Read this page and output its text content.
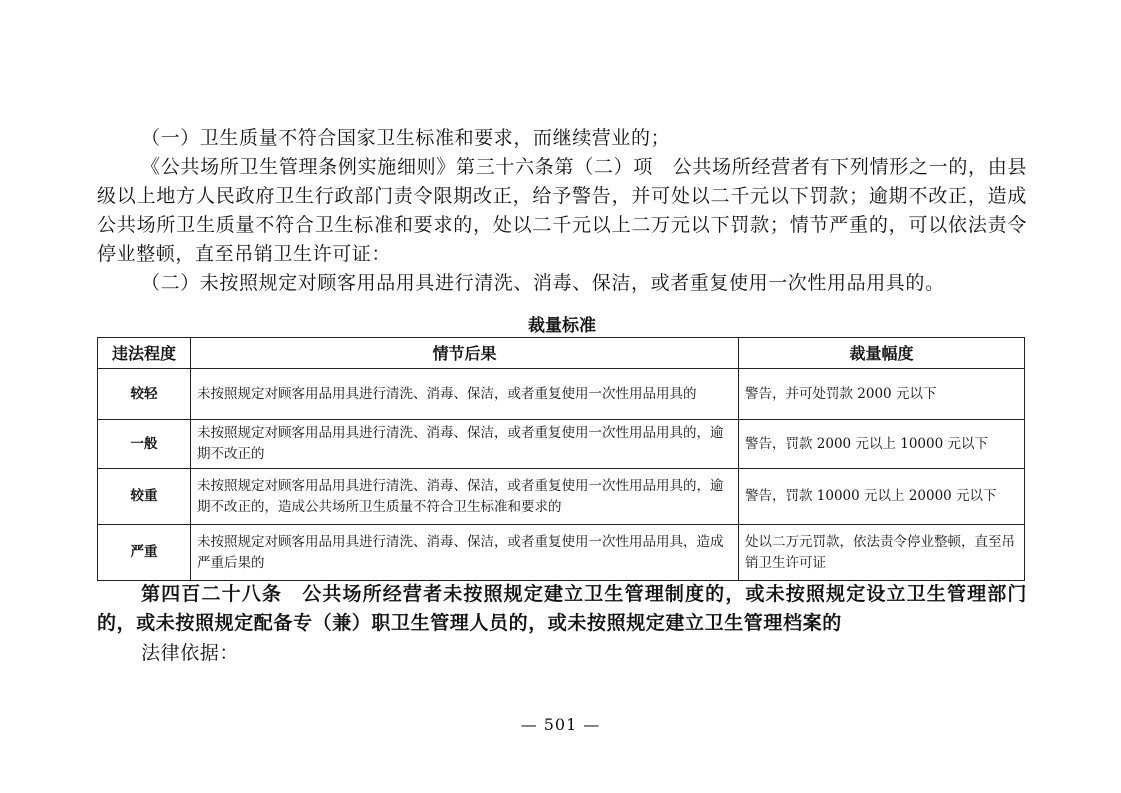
（一）卫生质量不符合国家卫生标准和要求，而继续营业的；
《公共场所卫生管理条例实施细则》第三十六条第（二）项　公共场所经营者有下列情形之一的，由县级以上地方人民政府卫生行政部门责令限期改正，给予警告，并可处以二千元以下罚款；逾期不改正，造成公共场所卫生质量不符合卫生标准和要求的，处以二千元以上二万元以下罚款；情节严重的，可以依法责令停业整顿，直至吊销卫生许可证：
（二）未按照规定对顾客用品用具进行清洗、消毒、保洁，或者重复使用一次性用品用具的。
裁量标准
违法程度	情节后果	裁量幅度
较轻	未按照规定对顾客用品用具进行清洗、消毒、保洁，或者重复使用一次性用品用具的	警告，并可处罚款 2000 元以下
一般	未按照规定对顾客用品用具进行清洗、消毒、保洁，或者重复使用一次性用品用具的，逾期不改正的	警告，罚款 2000 元以上 10000 元以下
较重	未按照规定对顾客用品用具进行清洗、消毒、保洁，或者重复使用一次性用品用具的，逾期不改正的，造成公共场所卫生质量不符合卫生标准和要求的	警告，罚款 10000 元以上 20000 元以下
严重	未按照规定对顾客用品用具进行清洗、消毒、保洁，或者重复使用一次性用品用具，造成严重后果的	处以二万元罚款，依法责令停业整顿，直至吊销卫生许可证
第四百二十八条　公共场所经营者未按照规定建立卫生管理制度的，或未按照规定设立卫生管理部门的，或未按照规定配备专（兼）职卫生管理人员的，或未按照规定建立卫生管理档案的
法律依据：
— 501 —
